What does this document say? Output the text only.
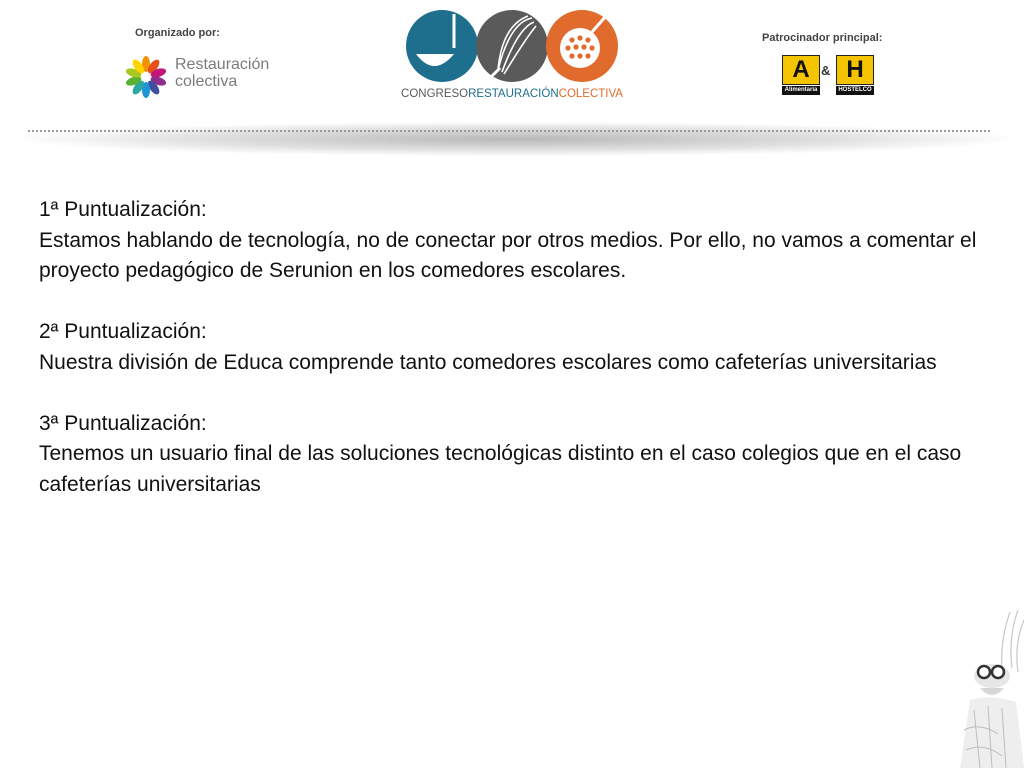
Organizado por:
Restauración
colectiva
CONGRESORESTAURACIÓNCOLECTIVA
Patrocinador principal:
A & H
Alimentaria	HOSTELCO

1ª Puntualización:

Estamos hablando de tecnología, no de conectar por otros medios. Por ello, no vamos a comentar el proyecto pedagógico de Serunion en los comedores escolares.

2ª Puntualización:

Nuestra división de Educa comprende tanto comedores escolares como cafeterías universitarias

3ª Puntualización:

Tenemos un usuario final de las soluciones tecnológicas distinto en el caso colegios que en el caso cafeterías universitarias
